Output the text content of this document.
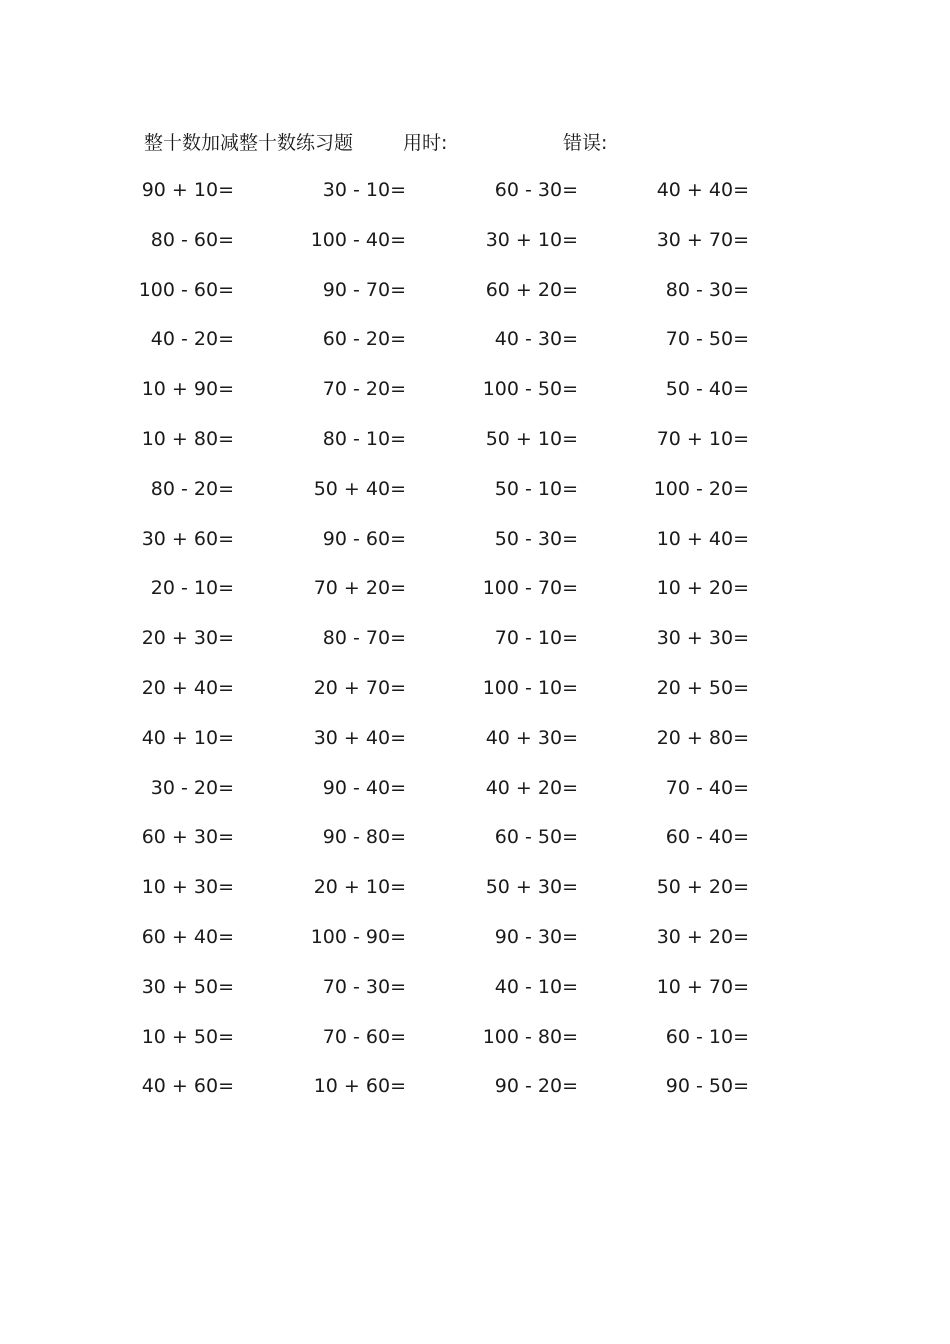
整十数加减整十数练习题	用时:	错误:
90 + 10=	30 - 10=	60 - 30=	40 + 40=
80 - 60=	100 - 40=	30 + 10=	30 + 70=
100 - 60=	90 - 70=	60 + 20=	80 - 30=
40 - 20=	60 - 20=	40 - 30=	70 - 50=
10 + 90=	70 - 20=	100 - 50=	50 - 40=
10 + 80=	80 - 10=	50 + 10=	70 + 10=
80 - 20=	50 + 40=	50 - 10=	100 - 20=
30 + 60=	90 - 60=	50 - 30=	10 + 40=
20 - 10=	70 + 20=	100 - 70=	10 + 20=
20 + 30=	80 - 70=	70 - 10=	30 + 30=
20 + 40=	20 + 70=	100 - 10=	20 + 50=
40 + 10=	30 + 40=	40 + 30=	20 + 80=
30 - 20=	90 - 40=	40 + 20=	70 - 40=
60 + 30=	90 - 80=	60 - 50=	60 - 40=
10 + 30=	20 + 10=	50 + 30=	50 + 20=
60 + 40=	100 - 90=	90 - 30=	30 + 20=
30 + 50=	70 - 30=	40 - 10=	10 + 70=
10 + 50=	70 - 60=	100 - 80=	60 - 10=
40 + 60=	10 + 60=	90 - 20=	90 - 50=
